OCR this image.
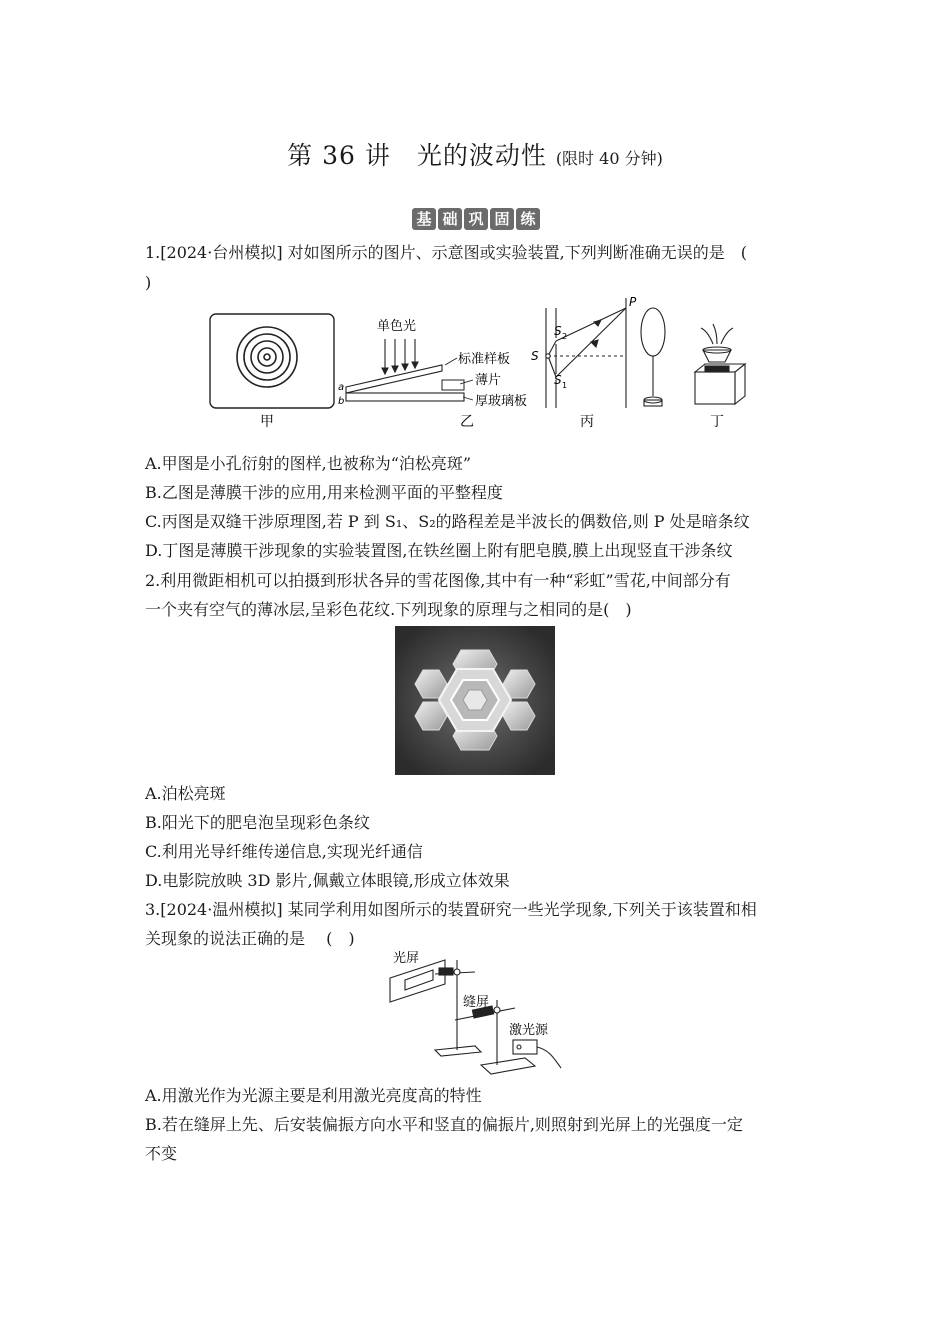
第 36 讲　光的波动性 (限时 40 分钟)
基 础 巩 固 练
1.[2024·台州模拟] 对如图所示的图片、示意图或实验装置,下列判断准确无误的是　(
)
甲
单色光
a
b
标准样板
薄片
厚玻璃板
乙
S
S 2
S 1
P
丙	丁
A.甲图是小孔衍射的图样,也被称为“泊松亮斑”
B.乙图是薄膜干涉的应用,用来检测平面的平整程度
C.丙图是双缝干涉原理图,若 P 到 S₁、S₂的路程差是半波长的偶数倍,则 P 处是暗条纹
D.丁图是薄膜干涉现象的实验装置图,在铁丝圈上附有肥皂膜,膜上出现竖直干涉条纹
2.利用微距相机可以拍摄到形状各异的雪花图像,其中有一种“彩虹”雪花,中间部分有
一个夹有空气的薄冰层,呈彩色花纹.下列现象的原理与之相同的是(　)
A.泊松亮斑
B.阳光下的肥皂泡呈现彩色条纹
C.利用光导纤维传递信息,实现光纤通信
D.电影院放映 3D 影片,佩戴立体眼镜,形成立体效果
3.[2024·温州模拟] 某同学利用如图所示的装置研究一些光学现象,下列关于该装置和相
关现象的说法正确的是　 (　)
光屏
缝屏
激光源
A.用激光作为光源主要是利用激光亮度高的特性
B.若在缝屏上先、后安装偏振方向水平和竖直的偏振片,则照射到光屏上的光强度一定
不变
